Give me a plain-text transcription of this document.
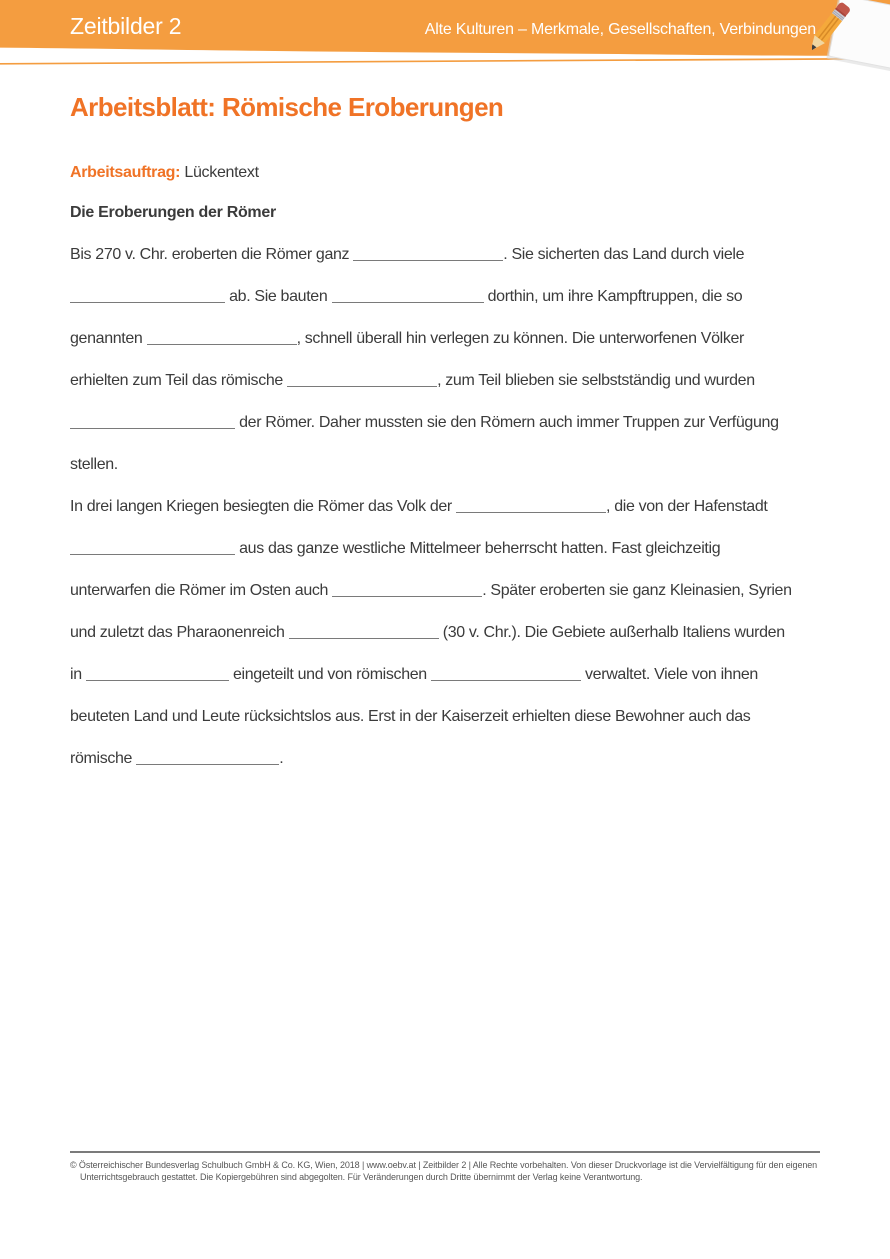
Zeitbilder 2	Alte Kulturen – Merkmale, Gesellschaften, Verbindungen
Arbeitsblatt: Römische Eroberungen
Arbeitsauftrag: Lückentext
Die Eroberungen der Römer
Bis 270 v. Chr. eroberten die Römer ganz	. Sie sicherten das Land durch viele
ab. Sie bauten	dorthin, um ihre Kampftruppen, die so
genannten	, schnell überall hin verlegen zu können. Die unterworfenen Völker
erhielten zum Teil das römische	, zum Teil blieben sie selbstständig und wurden
der Römer. Daher mussten sie den Römern auch immer Truppen zur Verfügung
stellen.
In drei langen Kriegen besiegten die Römer das Volk der	, die von der Hafenstadt
aus das ganze westliche Mittelmeer beherrscht hatten. Fast gleichzeitig
unterwarfen die Römer im Osten auch	. Später eroberten sie ganz Kleinasien, Syrien
und zuletzt das Pharaonenreich	(30 v. Chr.). Die Gebiete außerhalb Italiens wurden
in	eingeteilt und von römischen	verwaltet. Viele von ihnen
beuteten Land und Leute rücksichtslos aus. Erst in der Kaiserzeit erhielten diese Bewohner auch das
römische	.
© Österreichischer Bundesverlag Schulbuch GmbH & Co. KG, Wien, 2018 | www.oebv.at | Zeitbilder 2 | Alle Rechte vorbehalten. Von dieser Druckvorlage ist die Vervielfältigung für den eigenen
Unterrichtsgebrauch gestattet. Die Kopiergebühren sind abgegolten. Für Veränderungen durch Dritte übernimmt der Verlag keine Verantwortung.
